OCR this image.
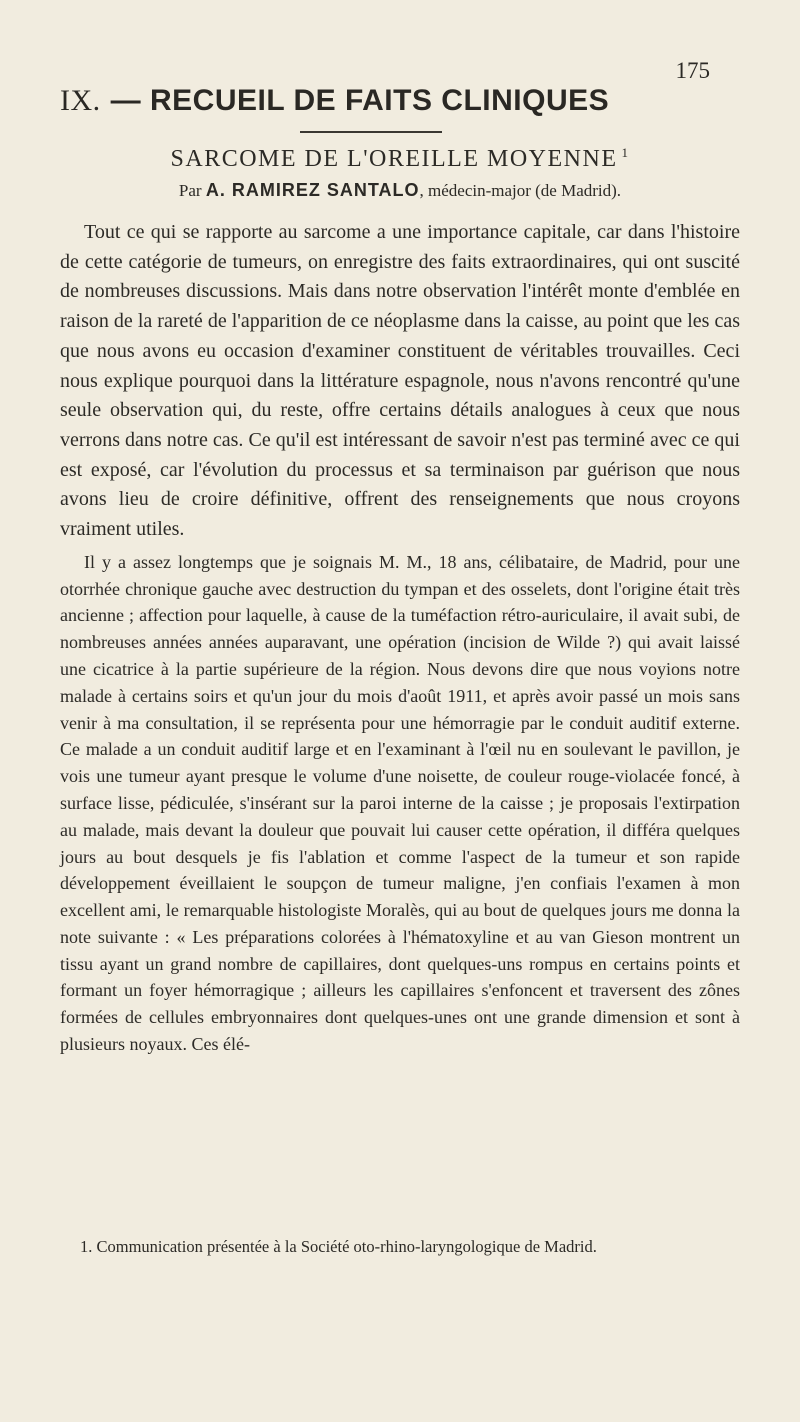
175
IX. — RECUEIL DE FAITS CLINIQUES
SARCOME DE L'OREILLE MOYENNE $^1$
Par A. RAMIREZ SANTALO, médecin-major (de Madrid).

Tout ce qui se rapporte au sarcome a une importance capitale, car dans l'histoire de cette catégorie de tumeurs, on enregistre des faits extraordinaires, qui ont suscité de nombreuses discussions. Mais dans notre observation l'intérêt monte d'emblée en raison de la rareté de l'apparition de ce néoplasme dans la caisse, au point que les cas que nous avons eu occasion d'examiner constituent de véritables trouvailles. Ceci nous explique pourquoi dans la littérature espagnole, nous n'avons rencontré qu'une seule observation qui, du reste, offre certains détails analogues à ceux que nous verrons dans notre cas. Ce qu'il est intéressant de savoir n'est pas terminé avec ce qui est exposé, car l'évolution du processus et sa terminaison par guérison que nous avons lieu de croire définitive, offrent des renseignements que nous croyons vraiment utiles.

Il y a assez longtemps que je soignais M. M., 18 ans, célibataire, de Madrid, pour une otorrhée chronique gauche avec destruction du tympan et des osselets, dont l'origine était très ancienne ; affection pour laquelle, à cause de la tuméfaction rétro-auriculaire, il avait subi, de nombreuses années années auparavant, une opération (incision de Wilde ?) qui avait laissé une cicatrice à la partie supérieure de la région. Nous devons dire que nous voyions notre malade à certains soirs et qu'un jour du mois d'août 1911, et après avoir passé un mois sans venir à ma consultation, il se représenta pour une hémorragie par le conduit auditif externe. Ce malade a un conduit auditif large et en l'examinant à l'œil nu en soulevant le pavillon, je vois une tumeur ayant presque le volume d'une noisette, de couleur rouge-violacée foncé, à surface lisse, pédiculée, s'insérant sur la paroi interne de la caisse ; je proposais l'extirpation au malade, mais devant la douleur que pouvait lui causer cette opération, il différa quelques jours au bout desquels je fis l'ablation et comme l'aspect de la tumeur et son rapide développement éveillaient le soupçon de tumeur maligne, j'en confiais l'examen à mon excellent ami, le remarquable histologiste Moralès, qui au bout de quelques jours me donna la note suivante : « Les préparations colorées à l'hématoxyline et au van Gieson montrent un tissu ayant un grand nombre de capillaires, dont quelques-uns rompus en certains points et formant un foyer hémorragique ; ailleurs les capillaires s'enfoncent et traversent des zônes formées de cellules embryonnaires dont quelques-unes ont une grande dimension et sont à plusieurs noyaux. Ces élé-

1. Communication présentée à la Société oto-rhino-laryngologique de Madrid.
